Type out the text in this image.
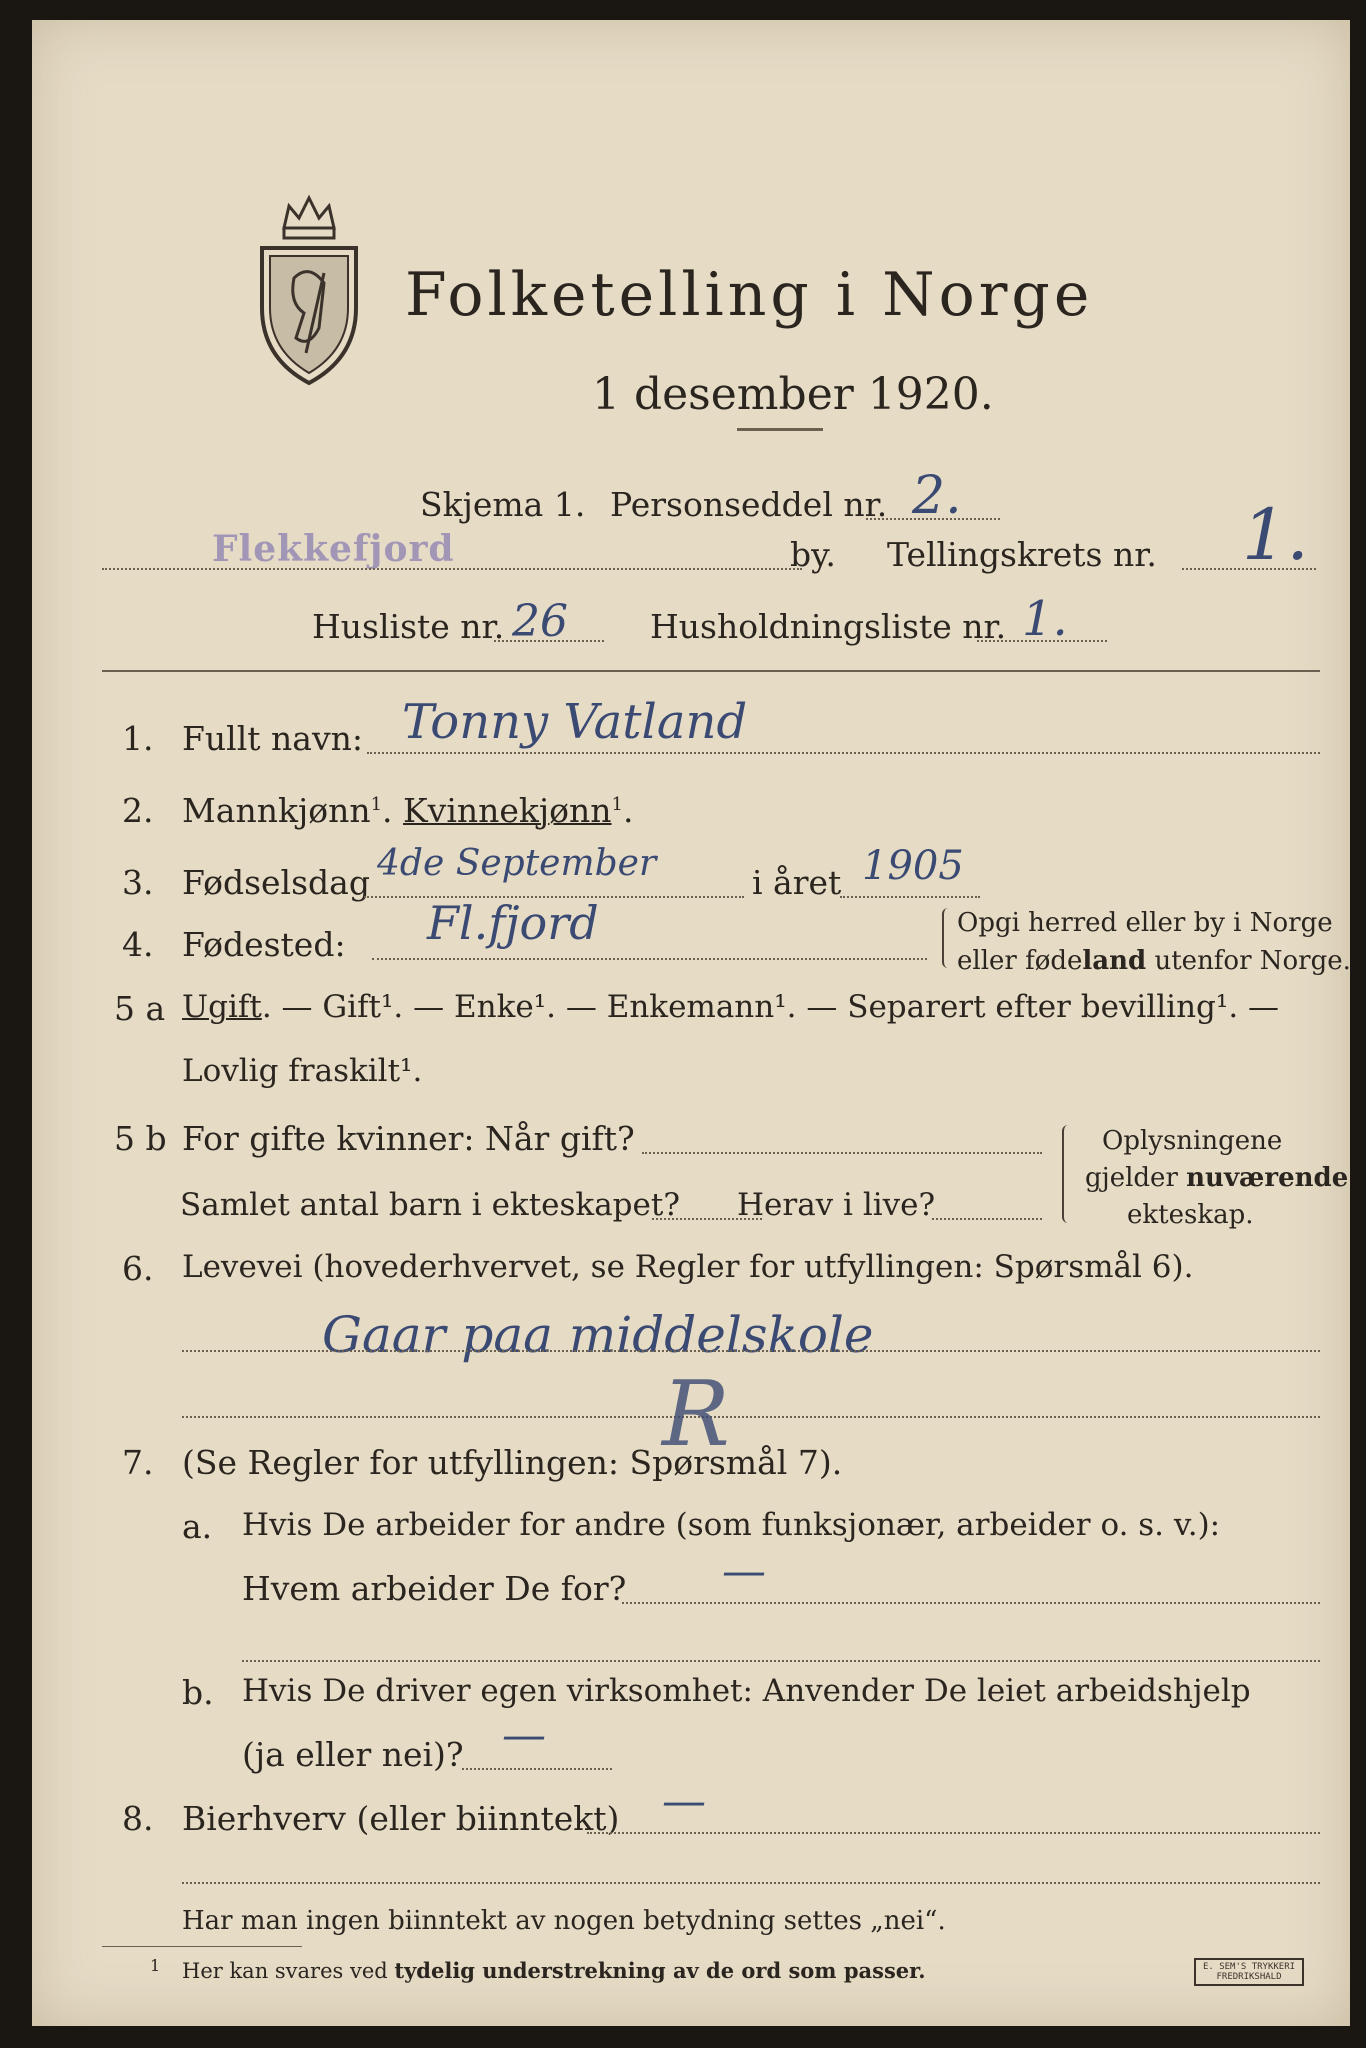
Folketelling i Norge
1 desember 1920.
Skjema 1. Personseddel nr. 2.
Flekkefjord	by. Tellingskrets nr. 1.
Husliste nr. 26 Husholdningsliste nr. 1.
1. Fullt navn: Tonny Vatland
2. Mannkjønn$^1$. Kvinnekjønn$^1$.
3. Fødselsdag 4de September	i året 1905
4. Fødested: Fl.fjord	Opgi herred eller by i Norge
eller fødeland utenfor Norge.
5 a Ugift. — Gift¹. — Enke¹. — Enkemann¹. — Separert efter bevilling¹. —
Lovlig fraskilt¹.
5 b For gifte kvinner: Når gift?
Samlet antal barn i ekteskapet? Herav i live?
Oplysningene
gjelder nuværende
ekteskap.
6. Levevei (hovederhvervet, se Regler for utfyllingen: Spørsmål 6).
Gaar paa middelskole
R
7. (Se Regler for utfyllingen: Spørsmål 7).
a. Hvis De arbeider for andre (som funksjonær, arbeider o. s. v.):
Hvem arbeider De for? —
b. Hvis De driver egen virksomhet: Anvender De leiet arbeidshjelp
(ja eller nei)? —
8. Bierhverv (eller biinntekt) —
Har man ingen biinntekt av nogen betydning settes „nei“.
1 Her kan svares ved tydelig understrekning av de ord som passer.	E. SEM'S TRYKKERI
FREDRIKSHALD
